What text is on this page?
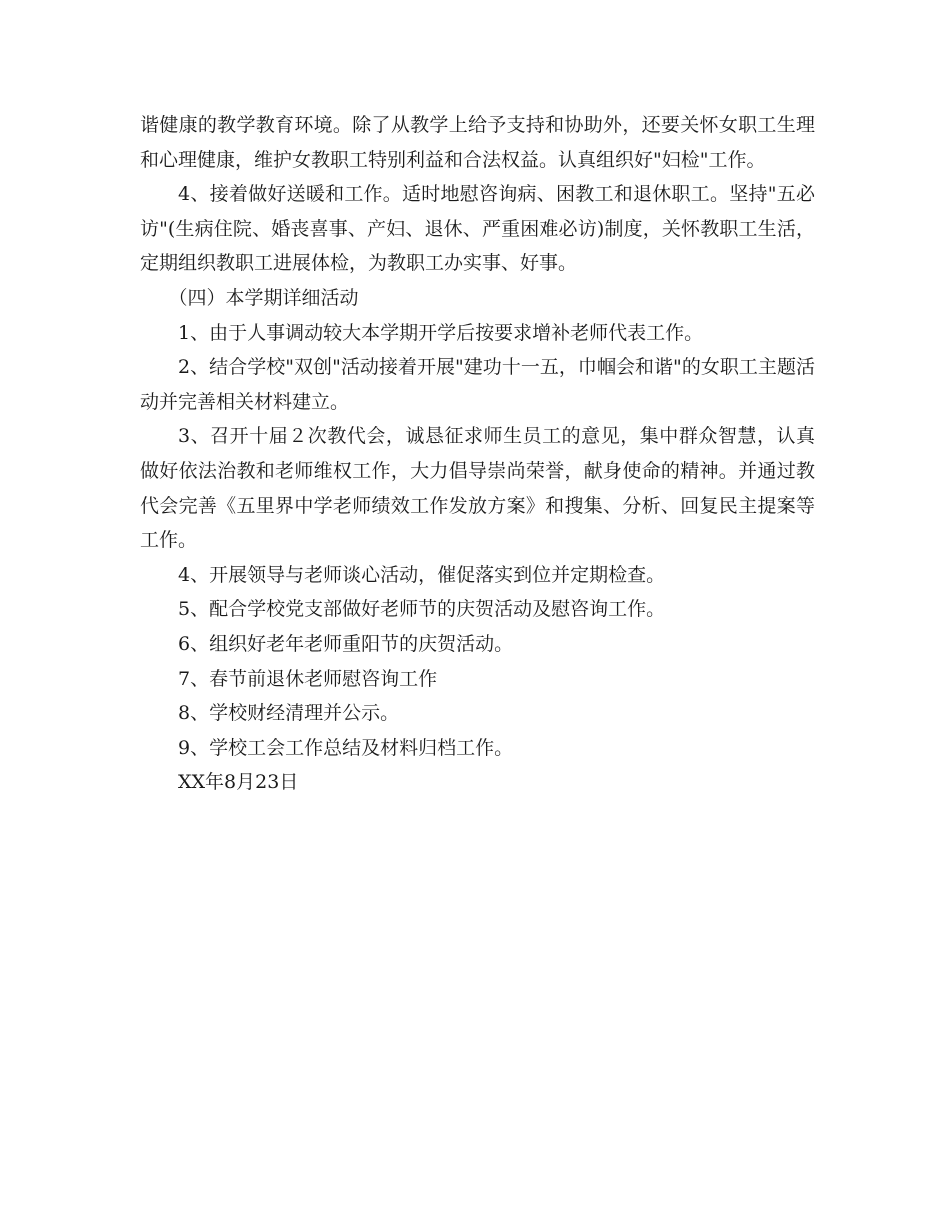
谐健康的教学教育环境。除了从教学上给予支持和协助外，还要关怀女职工生理和心理健康，维护女教职工特别利益和合法权益。认真组织好"妇检"工作。

4、接着做好送暖和工作。适时地慰咨询病、困教工和退休职工。坚持"五必访"(生病住院、婚丧喜事、产妇、退休、严重困难必访)制度，关怀教职工生活，定期组织教职工进展体检，为教职工办实事、好事。

（四）本学期详细活动

1、由于人事调动较大本学期开学后按要求增补老师代表工作。

2、结合学校"双创"活动接着开展"建功十一五，巾帼会和谐"的女职工主题活动并完善相关材料建立。

3、召开十届２次教代会，诚恳征求师生员工的意见，集中群众智慧，认真做好依法治教和老师维权工作，大力倡导崇尚荣誉，献身使命的精神。并通过教代会完善《五里界中学老师绩效工作发放方案》和搜集、分析、回复民主提案等工作。

4、开展领导与老师谈心活动，催促落实到位并定期检查。

5、配合学校党支部做好老师节的庆贺活动及慰咨询工作。

6、组织好老年老师重阳节的庆贺活动。

7、春节前退休老师慰咨询工作

8、学校财经清理并公示。

9、学校工会工作总结及材料归档工作。

XX年8月23日
